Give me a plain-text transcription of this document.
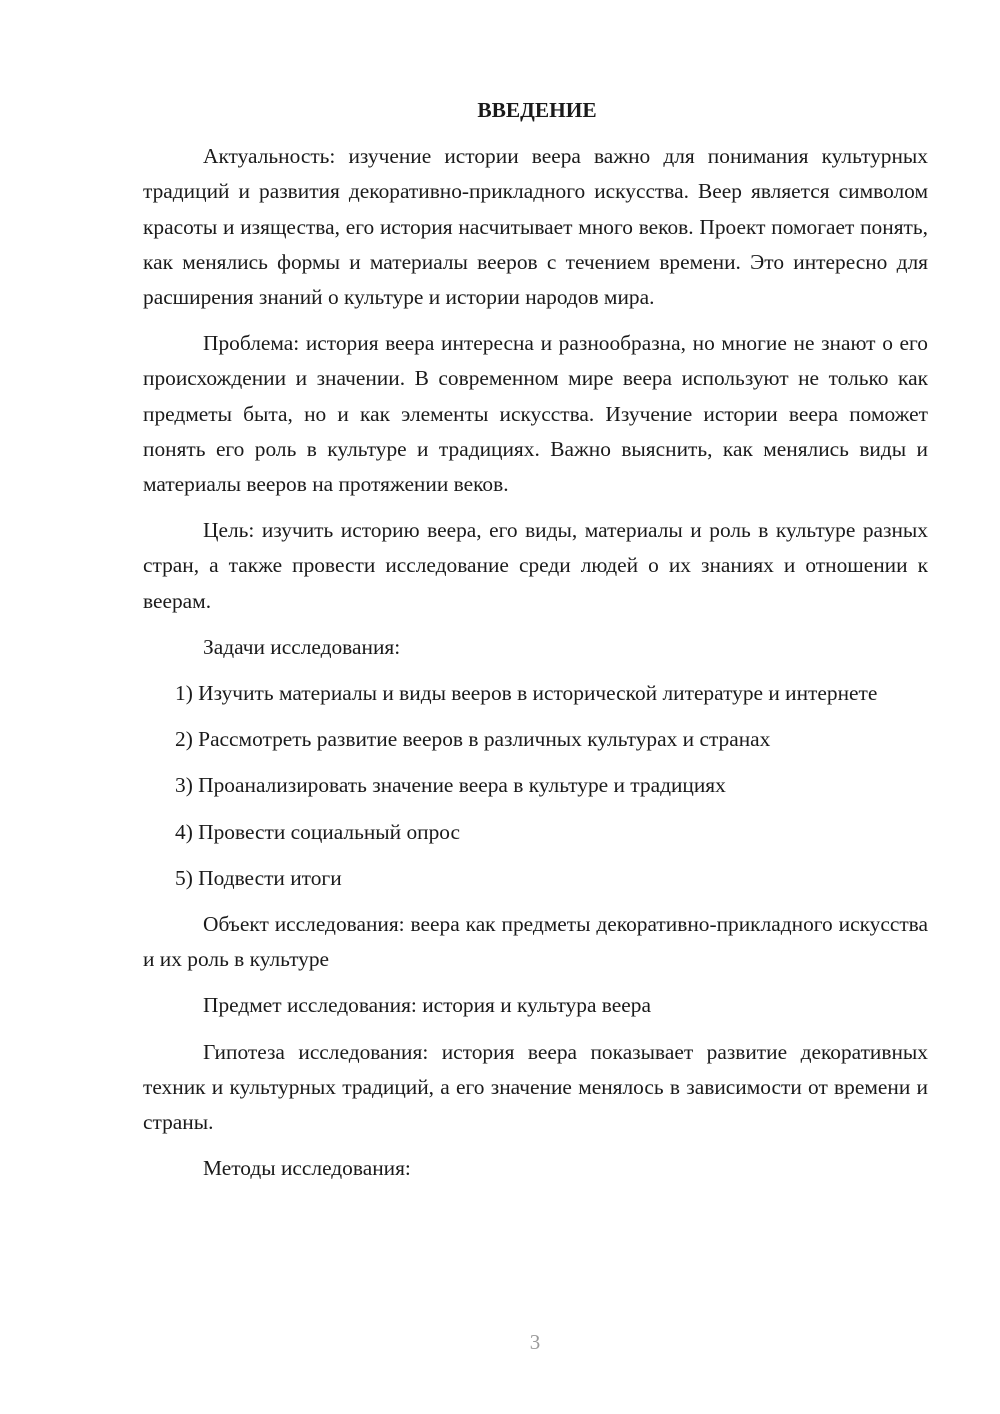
ВВЕДЕНИЕ

Актуальность: изучение истории веера важно для понимания культурных традиций и развития декоративно-прикладного искусства. Веер является символом красоты и изящества, его история насчитывает много веков. Проект помогает понять, как менялись формы и материалы вееров с течением времени. Это интересно для расширения знаний о культуре и истории народов мира.

Проблема: история веера интересна и разнообразна, но многие не знают о его происхождении и значении. В современном мире веера используют не только как предметы быта, но и как элементы искусства. Изучение истории веера поможет понять его роль в культуре и традициях. Важно выяснить, как менялись виды и материалы вееров на протяжении веков.

Цель: изучить историю веера, его виды, материалы и роль в культуре разных стран, а также провести исследование среди людей о их знаниях и отношении к веерам.

Задачи исследования:

1) Изучить материалы и виды вееров в исторической литературе и интернете

2) Рассмотреть развитие вееров в различных культурах и странах

3) Проанализировать значение веера в культуре и традициях

4) Провести социальный опрос

5) Подвести итоги

Объект исследования: веера как предметы декоративно-прикладного искусства и их роль в культуре

Предмет исследования: история и культура веера

Гипотеза исследования: история веера показывает развитие декоративных техник и культурных традиций, а его значение менялось в зависимости от времени и страны.

Методы исследования:

3
